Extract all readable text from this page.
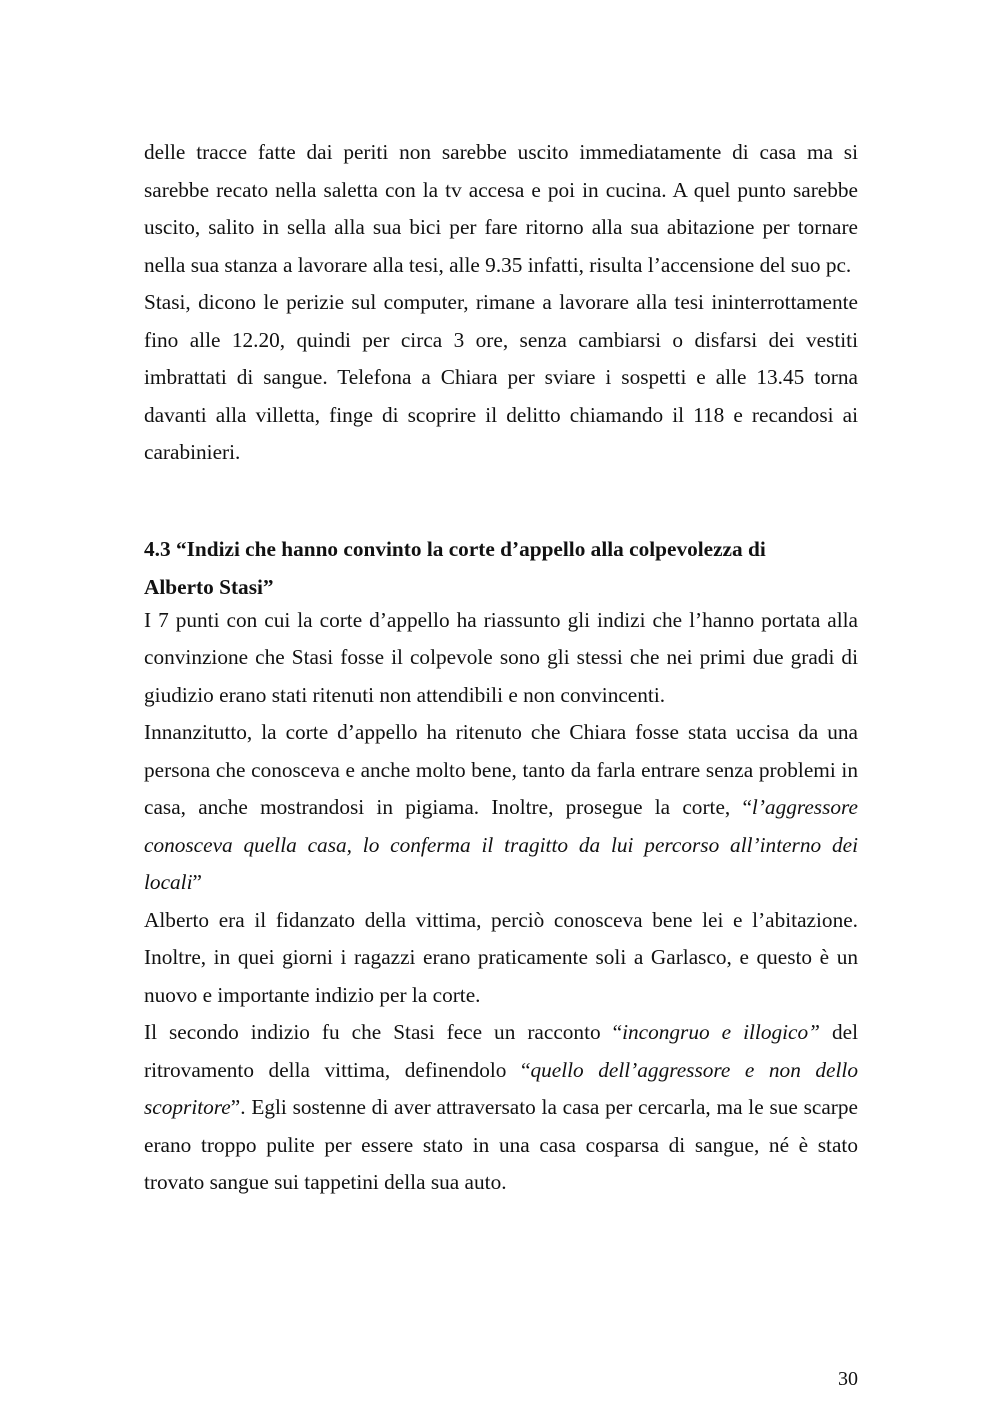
delle tracce fatte dai periti non sarebbe uscito immediatamente di casa ma si sarebbe recato nella saletta con la tv accesa e poi in cucina. A quel punto sarebbe uscito, salito in sella alla sua bici per fare ritorno alla sua abitazione per tornare nella sua stanza a lavorare alla tesi, alle 9.35 infatti, risulta l’accensione del suo pc.

Stasi, dicono le perizie sul computer, rimane a lavorare alla tesi ininterrottamente fino alle 12.20, quindi per circa 3 ore, senza cambiarsi o disfarsi dei vestiti imbrattati di sangue. Telefona a Chiara per sviare i sospetti e alle 13.45 torna davanti alla villetta, finge di scoprire il delitto chiamando il 118 e recandosi ai carabinieri.

4.3 “Indizi che hanno convinto la corte d’appello alla colpevolezza di
Alberto Stasi”

I 7 punti con cui la corte d’appello ha riassunto gli indizi che l’hanno portata alla convinzione che Stasi fosse il colpevole sono gli stessi che nei primi due gradi di giudizio erano stati ritenuti non attendibili e non convincenti.

Innanzitutto, la corte d’appello ha ritenuto che Chiara fosse stata uccisa da una persona che conosceva e anche molto bene, tanto da farla entrare senza problemi in casa, anche mostrandosi in pigiama. Inoltre, prosegue la corte, “l’aggressore conosceva quella casa, lo conferma il tragitto da lui percorso all’interno dei locali”

Alberto era il fidanzato della vittima, perciò conosceva bene lei e l’abitazione. Inoltre, in quei giorni i ragazzi erano praticamente soli a Garlasco, e questo è un nuovo e importante indizio per la corte.

Il secondo indizio fu che Stasi fece un racconto “incongruo e illogico” del ritrovamento della vittima, definendolo “quello dell’aggressore e non dello scopritore”. Egli sostenne di aver attraversato la casa per cercarla, ma le sue scarpe erano troppo pulite per essere stato in una casa cosparsa di sangue, né è stato trovato sangue sui tappetini della sua auto.

30
